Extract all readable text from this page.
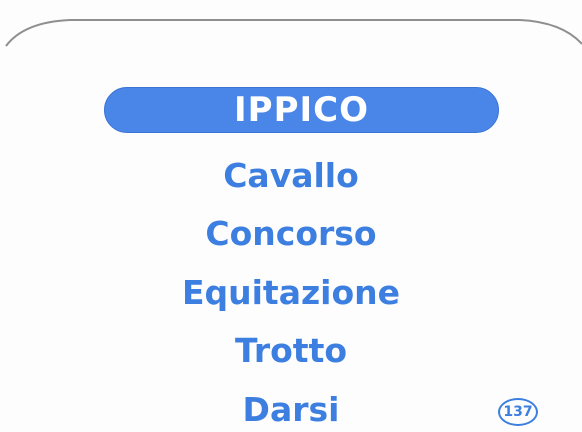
IPPICO
Cavallo
Concorso
Equitazione
Trotto
Darsi	137
